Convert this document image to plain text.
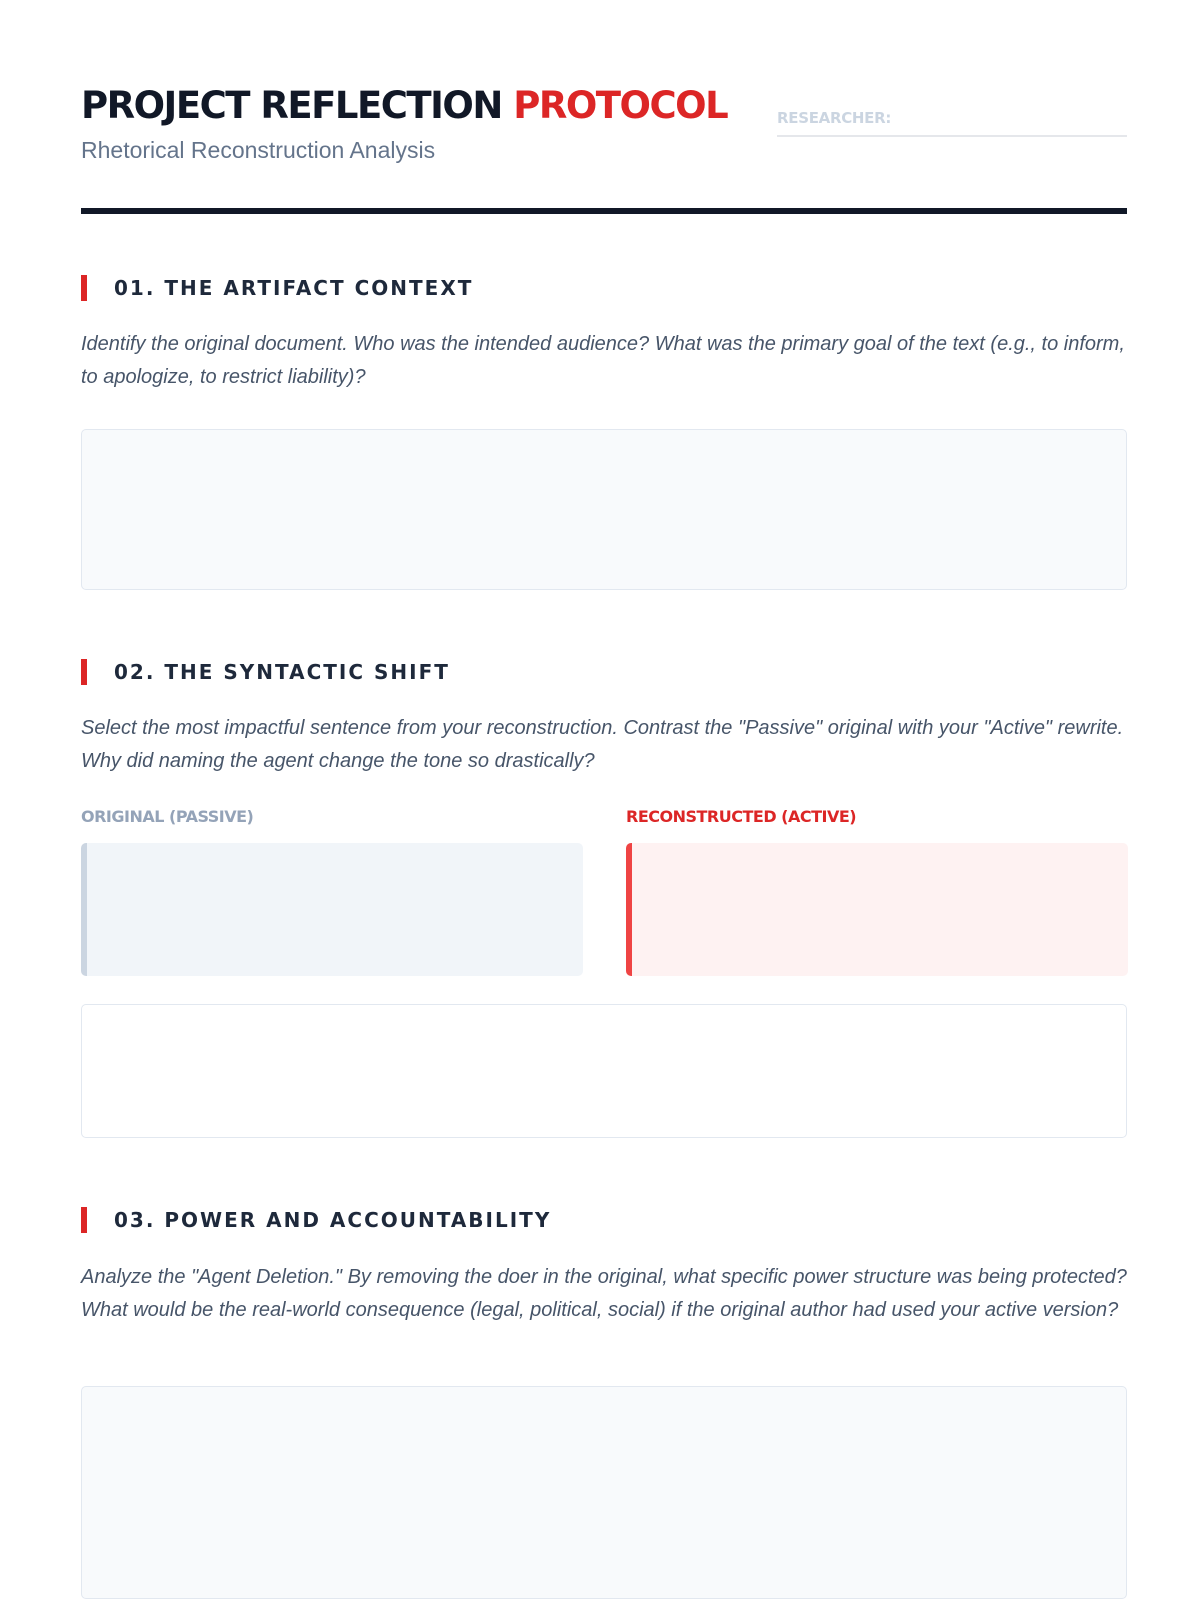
PROJECT REFLECTION PROTOCOL
Rhetorical Reconstruction Analysis
RESEARCHER:
01. THE ARTIFACT CONTEXT
Identify the original document. Who was the intended audience? What was the primary goal of the text (e.g., to inform, to apologize, to restrict liability)?
02. THE SYNTACTIC SHIFT
Select the most impactful sentence from your reconstruction. Contrast the "Passive" original with your "Active" rewrite. Why did naming the agent change the tone so drastically?
ORIGINAL (PASSIVE)	RECONSTRUCTED (ACTIVE)
03. POWER AND ACCOUNTABILITY
Analyze the "Agent Deletion." By removing the doer in the original, what specific power structure was being protected? What would be the real-world consequence (legal, political, social) if the original author had used your active version?
